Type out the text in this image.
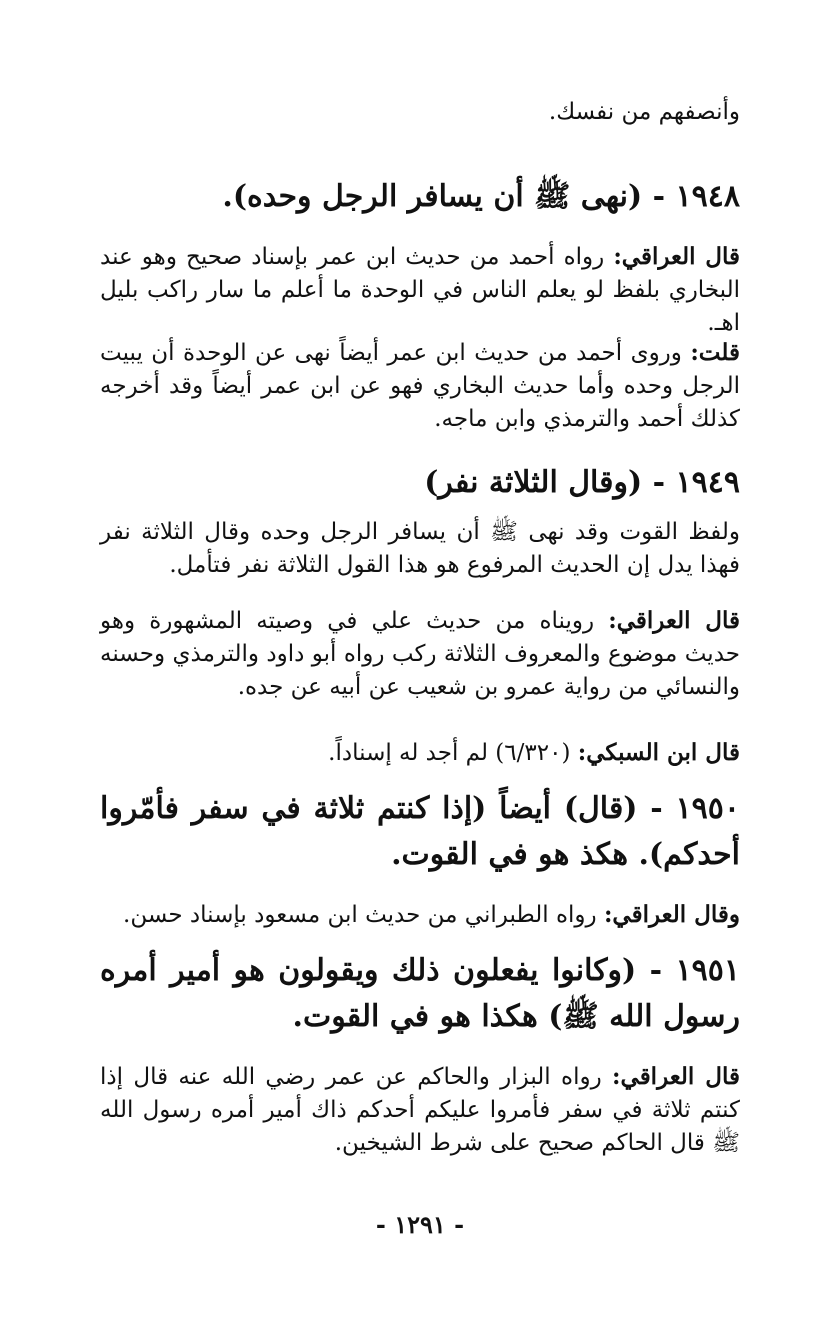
وأنصفهم من نفسك.

١٩٤٨ - (نهى ﷺ أن يسافر الرجل وحده).
قال العراقي: رواه أحمد من حديث ابن عمر بإسناد صحيح وهو عند البخاري بلفظ لو يعلم الناس في الوحدة ما أعلم ما سار راكب بليل اهـ.
قلت: وروى أحمد من حديث ابن عمر أيضاً نهى عن الوحدة أن يبيت الرجل وحده وأما حديث البخاري فهو عن ابن عمر أيضاً وقد أخرجه كذلك أحمد والترمذي وابن ماجه.
١٩٤٩ - (وقال الثلاثة نفر)
ولفظ القوت وقد نهى ﷺ أن يسافر الرجل وحده وقال الثلاثة نفر فهذا يدل إن الحديث المرفوع هو هذا القول الثلاثة نفر فتأمل.
قال العراقي: رويناه من حديث علي في وصيته المشهورة وهو حديث موضوع والمعروف الثلاثة ركب رواه أبو داود والترمذي وحسنه والنسائي من رواية عمرو بن شعيب عن أبيه عن جده.
قال ابن السبكي: (٦/٣٢٠) لم أجد له إسناداً.
١٩٥٠ - (قال) أيضاً (إذا كنتم ثلاثة في سفر فأمّروا أحدكم). هكذ هو في القوت.
وقال العراقي: رواه الطبراني من حديث ابن مسعود بإسناد حسن.
١٩٥١ - (وكانوا يفعلون ذلك ويقولون هو أمير أمره رسول الله ﷺ) هكذا هو في القوت.
قال العراقي: رواه البزار والحاكم عن عمر رضي الله عنه قال إذا كنتم ثلاثة في سفر فأمروا عليكم أحدكم ذاك أمير أمره رسول الله ﷺ قال الحاكم صحيح على شرط الشيخين.
- ١٢٩١ -
